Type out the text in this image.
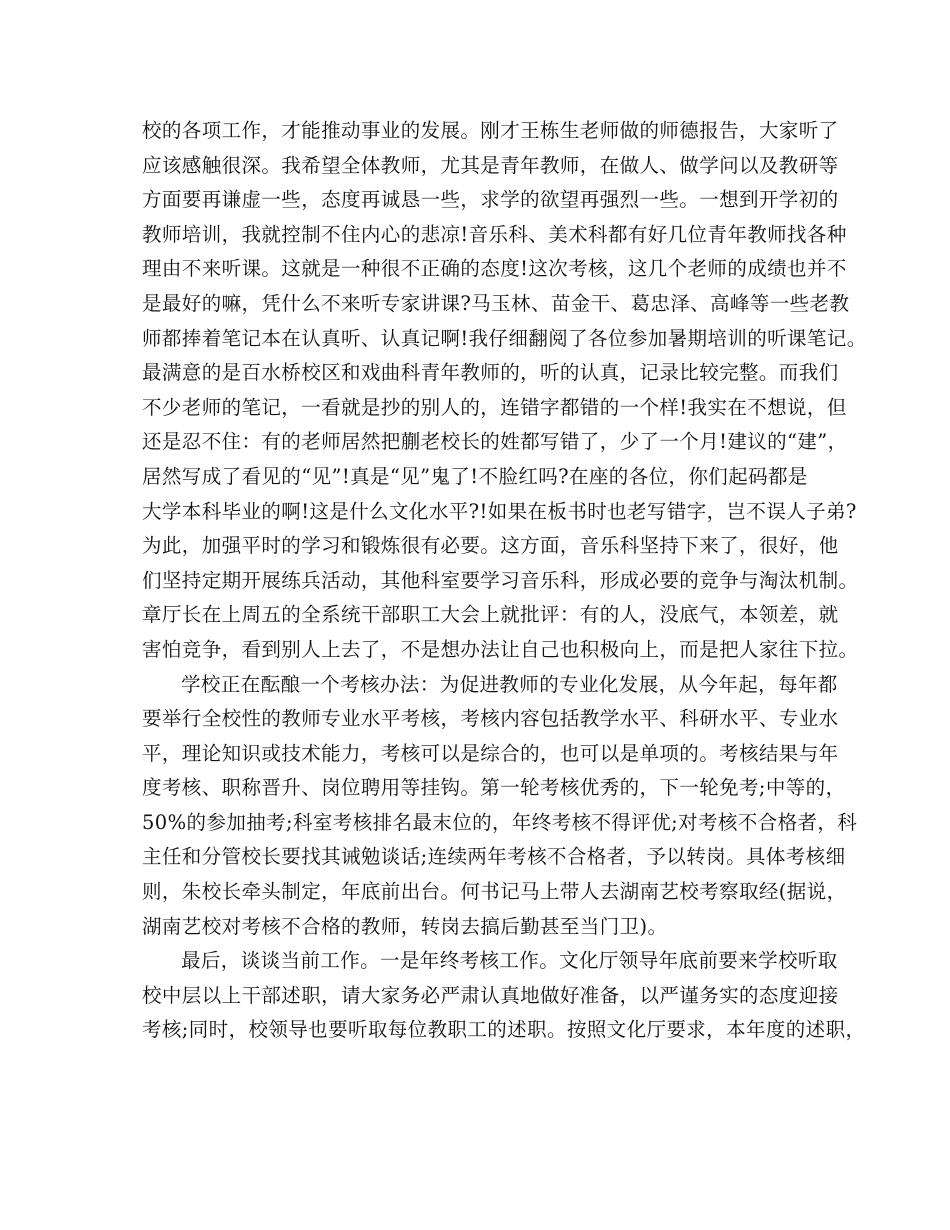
校的各项工作，才能推动事业的发展。刚才王栋生老师做的师德报告，大家听了
应该感触很深。我希望全体教师，尤其是青年教师，在做人、做学问以及教研等
方面要再谦虚一些，态度再诚恳一些，求学的欲望再强烈一些。一想到开学初的
教师培训，我就控制不住内心的悲凉!音乐科、美术科都有好几位青年教师找各种
理由不来听课。这就是一种很不正确的态度!这次考核，这几个老师的成绩也并不
是最好的嘛，凭什么不来听专家讲课?马玉林、苗金干、葛忠泽、高峰等一些老教
师都捧着笔记本在认真听、认真记啊!我仔细翻阅了各位参加暑期培训的听课笔记。
最满意的是百水桥校区和戏曲科青年教师的，听的认真，记录比较完整。而我们
不少老师的笔记，一看就是抄的别人的，连错字都错的一个样!我实在不想说，但
还是忍不住：有的老师居然把蒯老校长的姓都写错了，少了一个月!建议的“建”，
居然写成了看见的“见”!真是“见”鬼了!不脸红吗?在座的各位，你们起码都是
大学本科毕业的啊!这是什么文化水平?!如果在板书时也老写错字，岂不误人子弟?
为此，加强平时的学习和锻炼很有必要。这方面，音乐科坚持下来了，很好，他
们坚持定期开展练兵活动，其他科室要学习音乐科，形成必要的竞争与淘汰机制。
章厅长在上周五的全系统干部职工大会上就批评：有的人，没底气，本领差，就
害怕竞争，看到别人上去了，不是想办法让自己也积极向上，而是把人家往下拉。
学校正在酝酿一个考核办法：为促进教师的专业化发展，从今年起，每年都
要举行全校性的教师专业水平考核，考核内容包括教学水平、科研水平、专业水
平，理论知识或技术能力，考核可以是综合的，也可以是单项的。考核结果与年
度考核、职称晋升、岗位聘用等挂钩。第一轮考核优秀的，下一轮免考;中等的，
50%的参加抽考;科室考核排名最末位的，年终考核不得评优;对考核不合格者，科
主任和分管校长要找其诫勉谈话;连续两年考核不合格者，予以转岗。具体考核细
则，朱校长牵头制定，年底前出台。何书记马上带人去湖南艺校考察取经(据说，
湖南艺校对考核不合格的教师，转岗去搞后勤甚至当门卫)。
最后，谈谈当前工作。一是年终考核工作。文化厅领导年底前要来学校听取
校中层以上干部述职，请大家务必严肃认真地做好准备，以严谨务实的态度迎接
考核;同时，校领导也要听取每位教职工的述职。按照文化厅要求，本年度的述职，
